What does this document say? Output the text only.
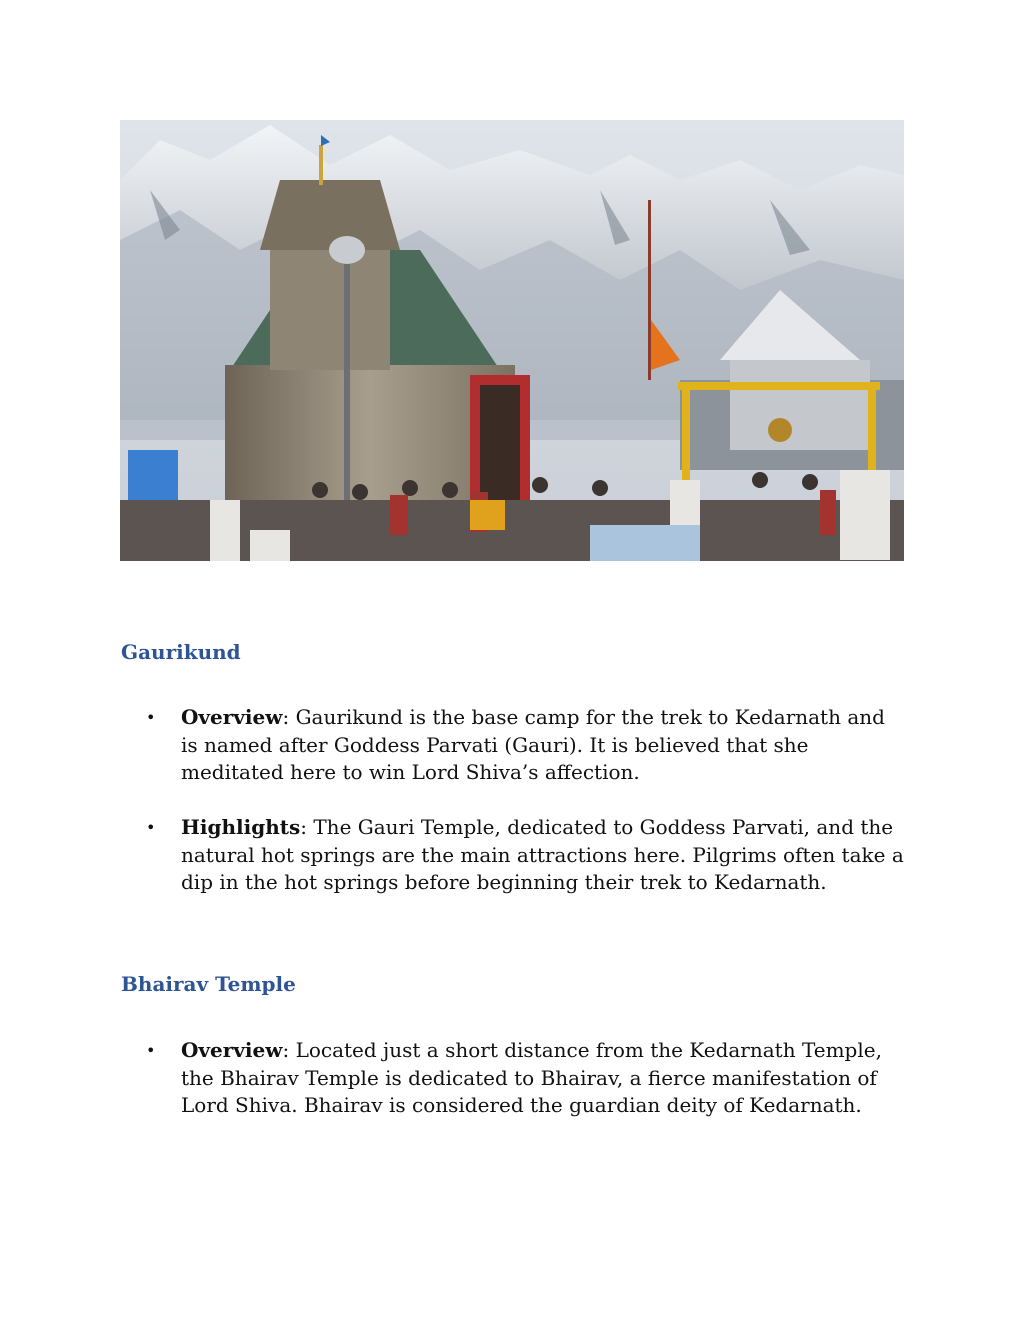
Gaurikund
• Overview: Gaurikund is the base camp for the trek to Kedarnath and is named after Goddess Parvati (Gauri). It is believed that she meditated here to win Lord Shiva’s affection.
• Highlights: The Gauri Temple, dedicated to Goddess Parvati, and the natural hot springs are the main attractions here. Pilgrims often take a dip in the hot springs before beginning their trek to Kedarnath.
Bhairav Temple
• Overview: Located just a short distance from the Kedarnath Temple, the Bhairav Temple is dedicated to Bhairav, a fierce manifestation of Lord Shiva. Bhairav is considered the guardian deity of Kedarnath.
